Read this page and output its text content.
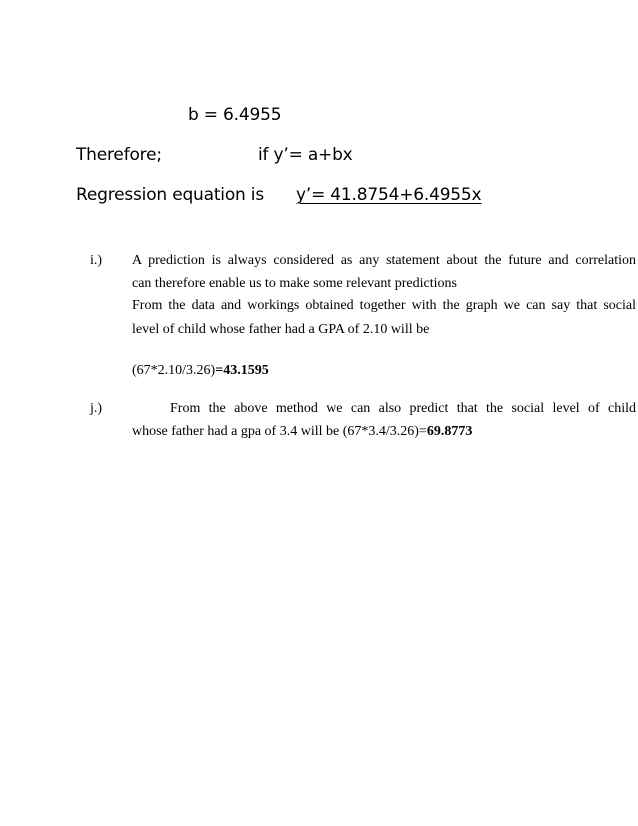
b = 6.4955
Therefore;	if y’= a+bx
Regression equation is y’= 41.8754+6.4955x
i.) A prediction is always considered as any statement about the future and correlation

can therefore enable us to make some relevant predictions

From the data and workings obtained together with the graph we can say that social

level of child whose father had a GPA of 2.10 will be

(67*2.10/3.26)=43.1595
j.)	From the above method we can also predict that the social level of child

whose father had a gpa of 3.4 will be (67*3.4/3.26)=69.8773
